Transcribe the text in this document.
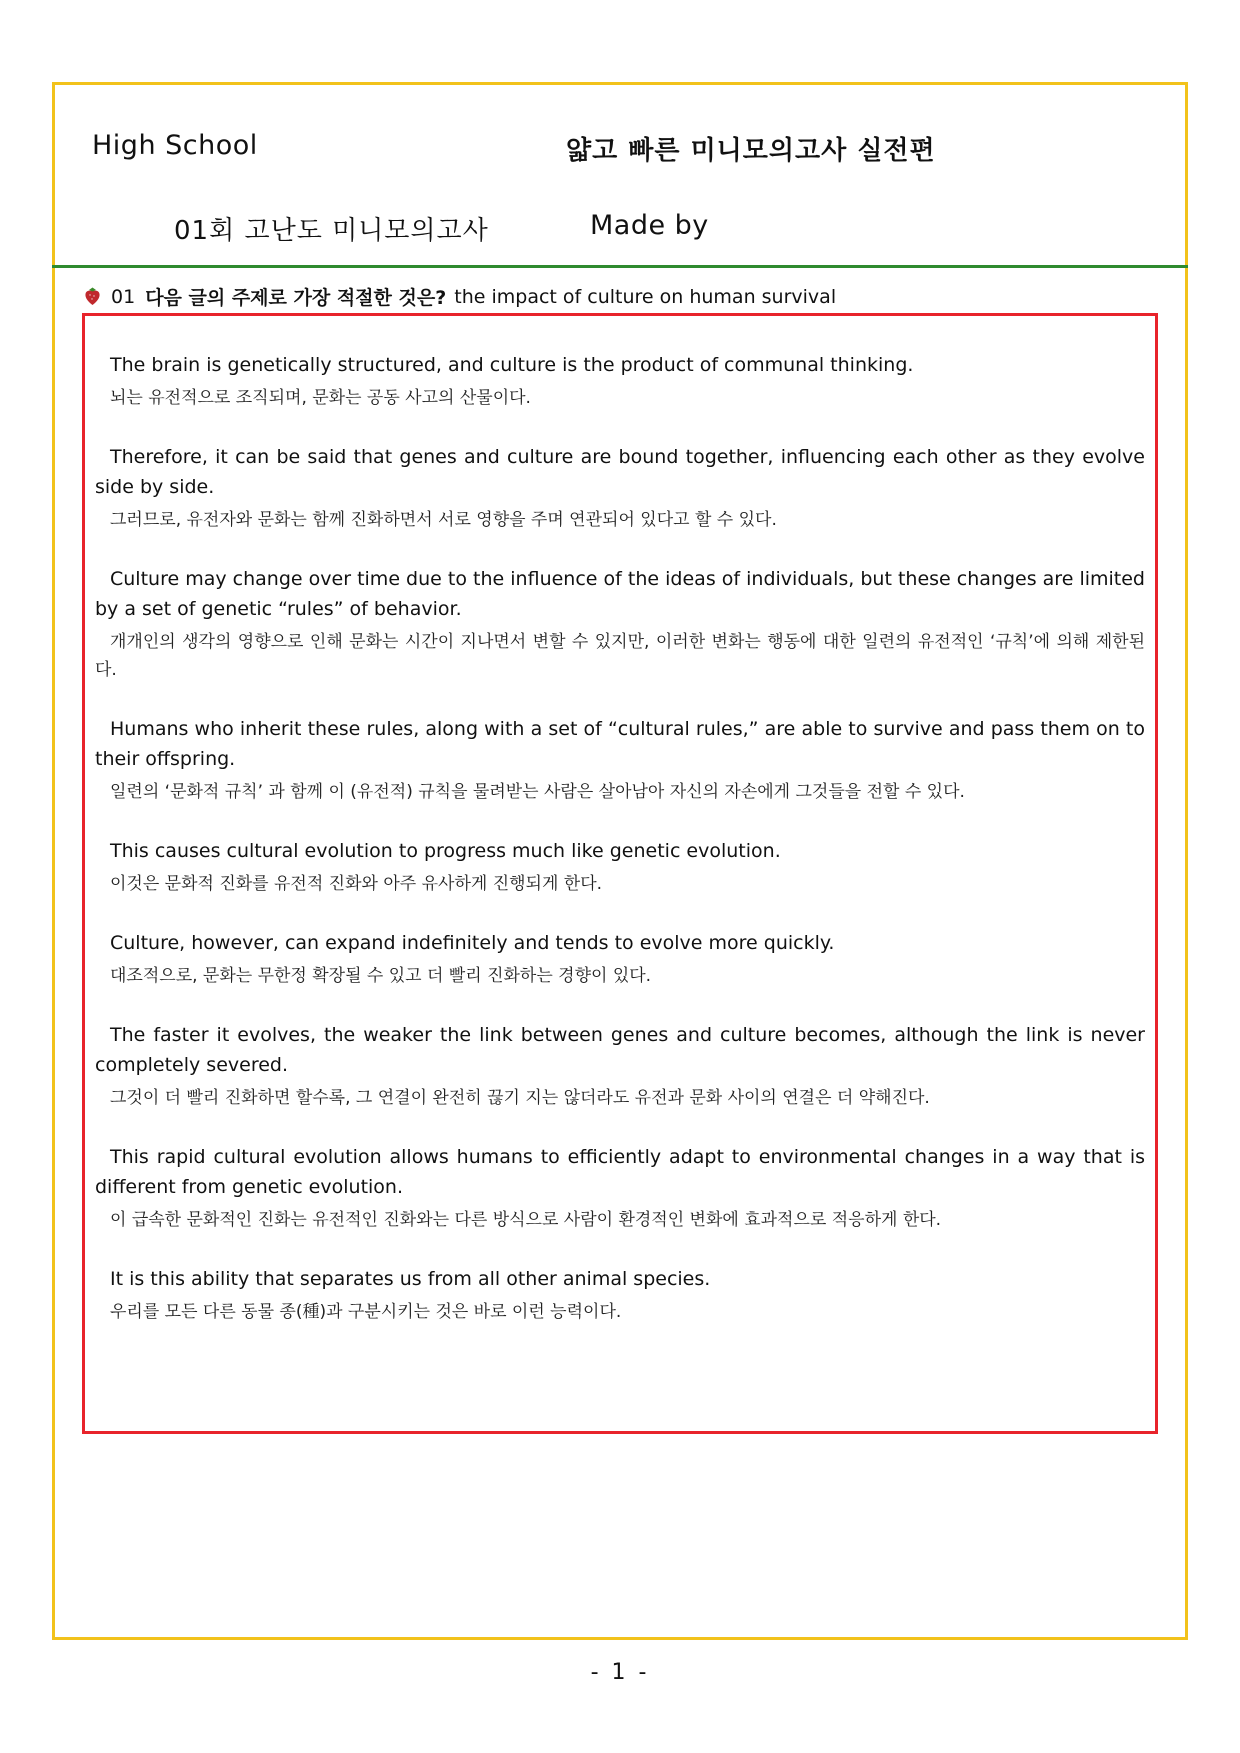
High School	얇고 빠른 미니모의고사 실전편
01회 고난도 미니모의고사	Made by
01 다음 글의 주제로 가장 적절한 것은? the impact of culture on human survival

The brain is genetically structured, and culture is the product of communal thinking.

뇌는 유전적으로 조직되며, 문화는 공동 사고의 산물이다.

Therefore, it can be said that genes and culture are bound together, influencing each other as they evolve side by side.

그러므로, 유전자와 문화는 함께 진화하면서 서로 영향을 주며 연관되어 있다고 할 수 있다.

Culture may change over time due to the influence of the ideas of individuals, but these changes are limited by a set of genetic “rules” of behavior.

개개인의 생각의 영향으로 인해 문화는 시간이 지나면서 변할 수 있지만, 이러한 변화는 행동에 대한 일련의 유전적인 ‘규칙’에 의해 제한된다.

Humans who inherit these rules, along with a set of “cultural rules,” are able to survive and pass them on to their offspring.

일련의 ‘문화적 규칙’ 과 함께 이 (유전적) 규칙을 물려받는 사람은 살아남아 자신의 자손에게 그것들을 전할 수 있다.

This causes cultural evolution to progress much like genetic evolution.

이것은 문화적 진화를 유전적 진화와 아주 유사하게 진행되게 한다.

Culture, however, can expand indefinitely and tends to evolve more quickly.

대조적으로, 문화는 무한정 확장될 수 있고 더 빨리 진화하는 경향이 있다.

The faster it evolves, the weaker the link between genes and culture becomes, although the link is never completely severed.

그것이 더 빨리 진화하면 할수록, 그 연결이 완전히 끊기 지는 않더라도 유전과 문화 사이의 연결은 더 약해진다.

This rapid cultural evolution allows humans to efficiently adapt to environmental changes in a way that is different from genetic evolution.

이 급속한 문화적인 진화는 유전적인 진화와는 다른 방식으로 사람이 환경적인 변화에 효과적으로 적응하게 한다.

It is this ability that separates us from all other animal species.

우리를 모든 다른 동물 종(種)과 구분시키는 것은 바로 이런 능력이다.

- 1 -
